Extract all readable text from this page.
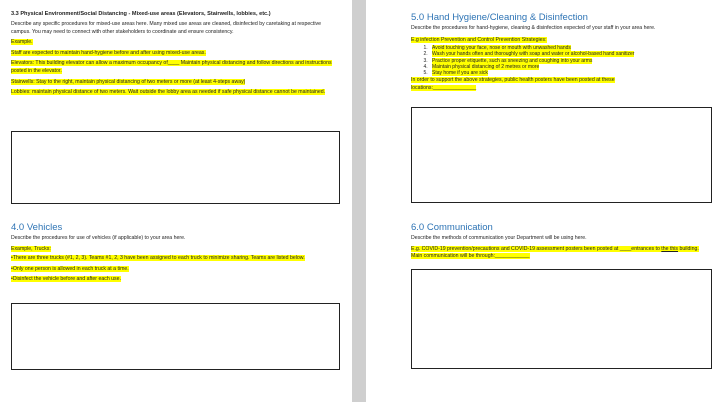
3.3 Physical Environment/Social Distancing - Mixed-use areas (Elevators, Stairwells, lobbies, etc.)
Describe any specific procedures for mixed-use areas here. Many mixed use areas are cleaned, disinfected by caretaking at respective campus. You may need to connect with other stakeholders to coordinate and ensure consistency.
Example.
Staff are expected to maintain hand-hygiene before and after using mixed-use areas.
Elevators: This building elevator can allow a maximum occupancy of____ Maintain physical distancing and follow directions and instructions posted in the elevator.
Stairwells: Stay to the right, maintain physical distancing of two meters or more (at least 4-steps away)
Lobbies: maintain physical distance of two meters. Wait outside the lobby area as needed if safe physical distance cannot be maintained.
4.0 Vehicles
Describe the procedures for use of vehicles (if applicable) to your area here.
Example, Trucks:
•There are three trucks (#1, 2, 3). Teams #1, 2, 3 have been assigned to each truck to minimize sharing. Teams are listed below.
•Only one person is allowed in each truck at a time.
•Disinfect the vehicle before and after each use.
5.0 Hand Hygiene/Cleaning & Disinfection
Describe the procedures for hand-hygiene, cleaning & disinfection expected of your staff in your area here.
E.g infection Prevention and Control Prevention Strategies:
1. Avoid touching your face, nose or mouth with unwashed hands
2. Wash your hands often and thoroughly with soap and water or alcohol-based hand sanitizer
3. Practice proper etiquette, such as sneezing and coughing into your arms
4. Maintain physical distancing of 2 metres or more
5. Stay home if you are sick
In order to support the above strategies, public health posters have been posted at these locations:_______________
6.0 Communication
Describe the methods of communication your Department will be using here.
E.g. COVID-19 prevention/precautions and COVID-19 assessment posters been posted at ____entrances to the this building. Main communication will be through:____________
